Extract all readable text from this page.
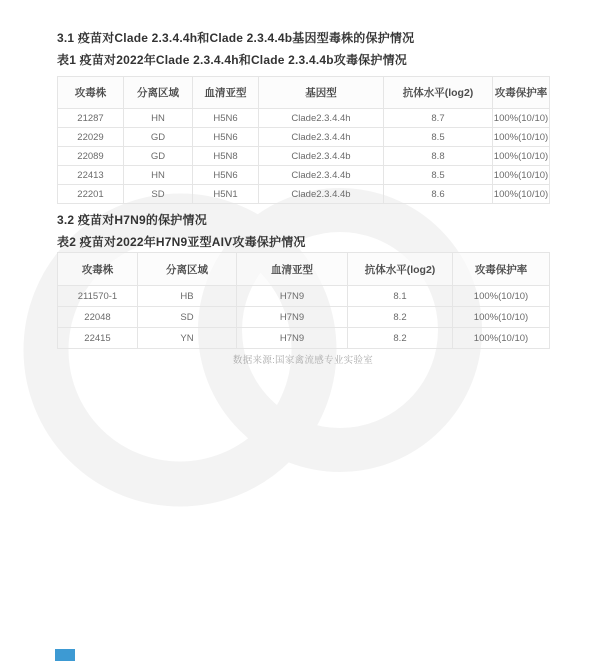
3.1 疫苗对Clade 2.3.4.4h和Clade 2.3.4.4b基因型毒株的保护情况
表1 疫苗对2022年Clade 2.3.4.4h和Clade 2.3.4.4b攻毒保护情况
攻毒株	分离区域	血清亚型	基因型	抗体水平(log2)	攻毒保护率
21287	HN	H5N6	Clade2.3.4.4h	8.7	100%(10/10)
22029	GD	H5N6	Clade2.3.4.4h	8.5	100%(10/10)
22089	GD	H5N8	Clade2.3.4.4b	8.8	100%(10/10)
22413	HN	H5N6	Clade2.3.4.4b	8.5	100%(10/10)
22201	SD	H5N1	Clade2.3.4.4b	8.6	100%(10/10)
3.2 疫苗对H7N9的保护情况
表2 疫苗对2022年H7N9亚型AIV攻毒保护情况
攻毒株	分离区域	血清亚型	抗体水平(log2)	攻毒保护率
211570-1	HB	H7N9	8.1	100%(10/10)
22048	SD	H7N9	8.2	100%(10/10)
22415	YN	H7N9	8.2	100%(10/10)
数据来源:国家禽流感专业实验室
